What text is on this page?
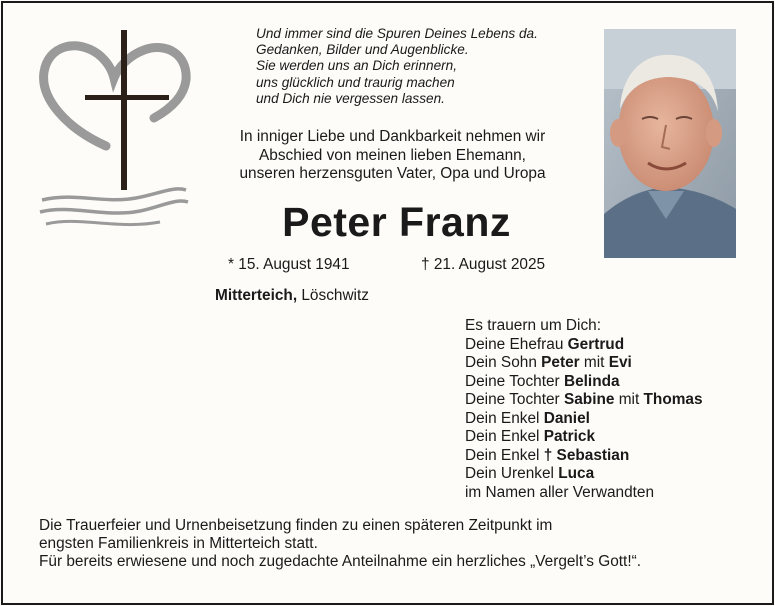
Und immer sind die Spuren Deines Lebens da.
Gedanken, Bilder und Augenblicke.
Sie werden uns an Dich erinnern,
uns glücklich und traurig machen
und Dich nie vergessen lassen.
In inniger Liebe und Dankbarkeit nehmen wir
Abschied von meinen lieben Ehemann,
unseren herzensguten Vater, Opa und Uropa
Peter Franz
* 15. August 1941	† 21. August 2025
Mitterteich, Löschwitz
Es trauern um Dich:
Deine Ehefrau Gertrud
Dein Sohn Peter mit Evi
Deine Tochter Belinda
Deine Tochter Sabine mit Thomas
Dein Enkel Daniel
Dein Enkel Patrick
Dein Enkel † Sebastian
Dein Urenkel Luca
im Namen aller Verwandten
Die Trauerfeier und Urnenbeisetzung finden zu einen späteren Zeitpunkt im
engsten Familienkreis in Mitterteich statt.
Für bereits erwiesene und noch zugedachte Anteilnahme ein herzliches „Vergelt’s Gott!“.
